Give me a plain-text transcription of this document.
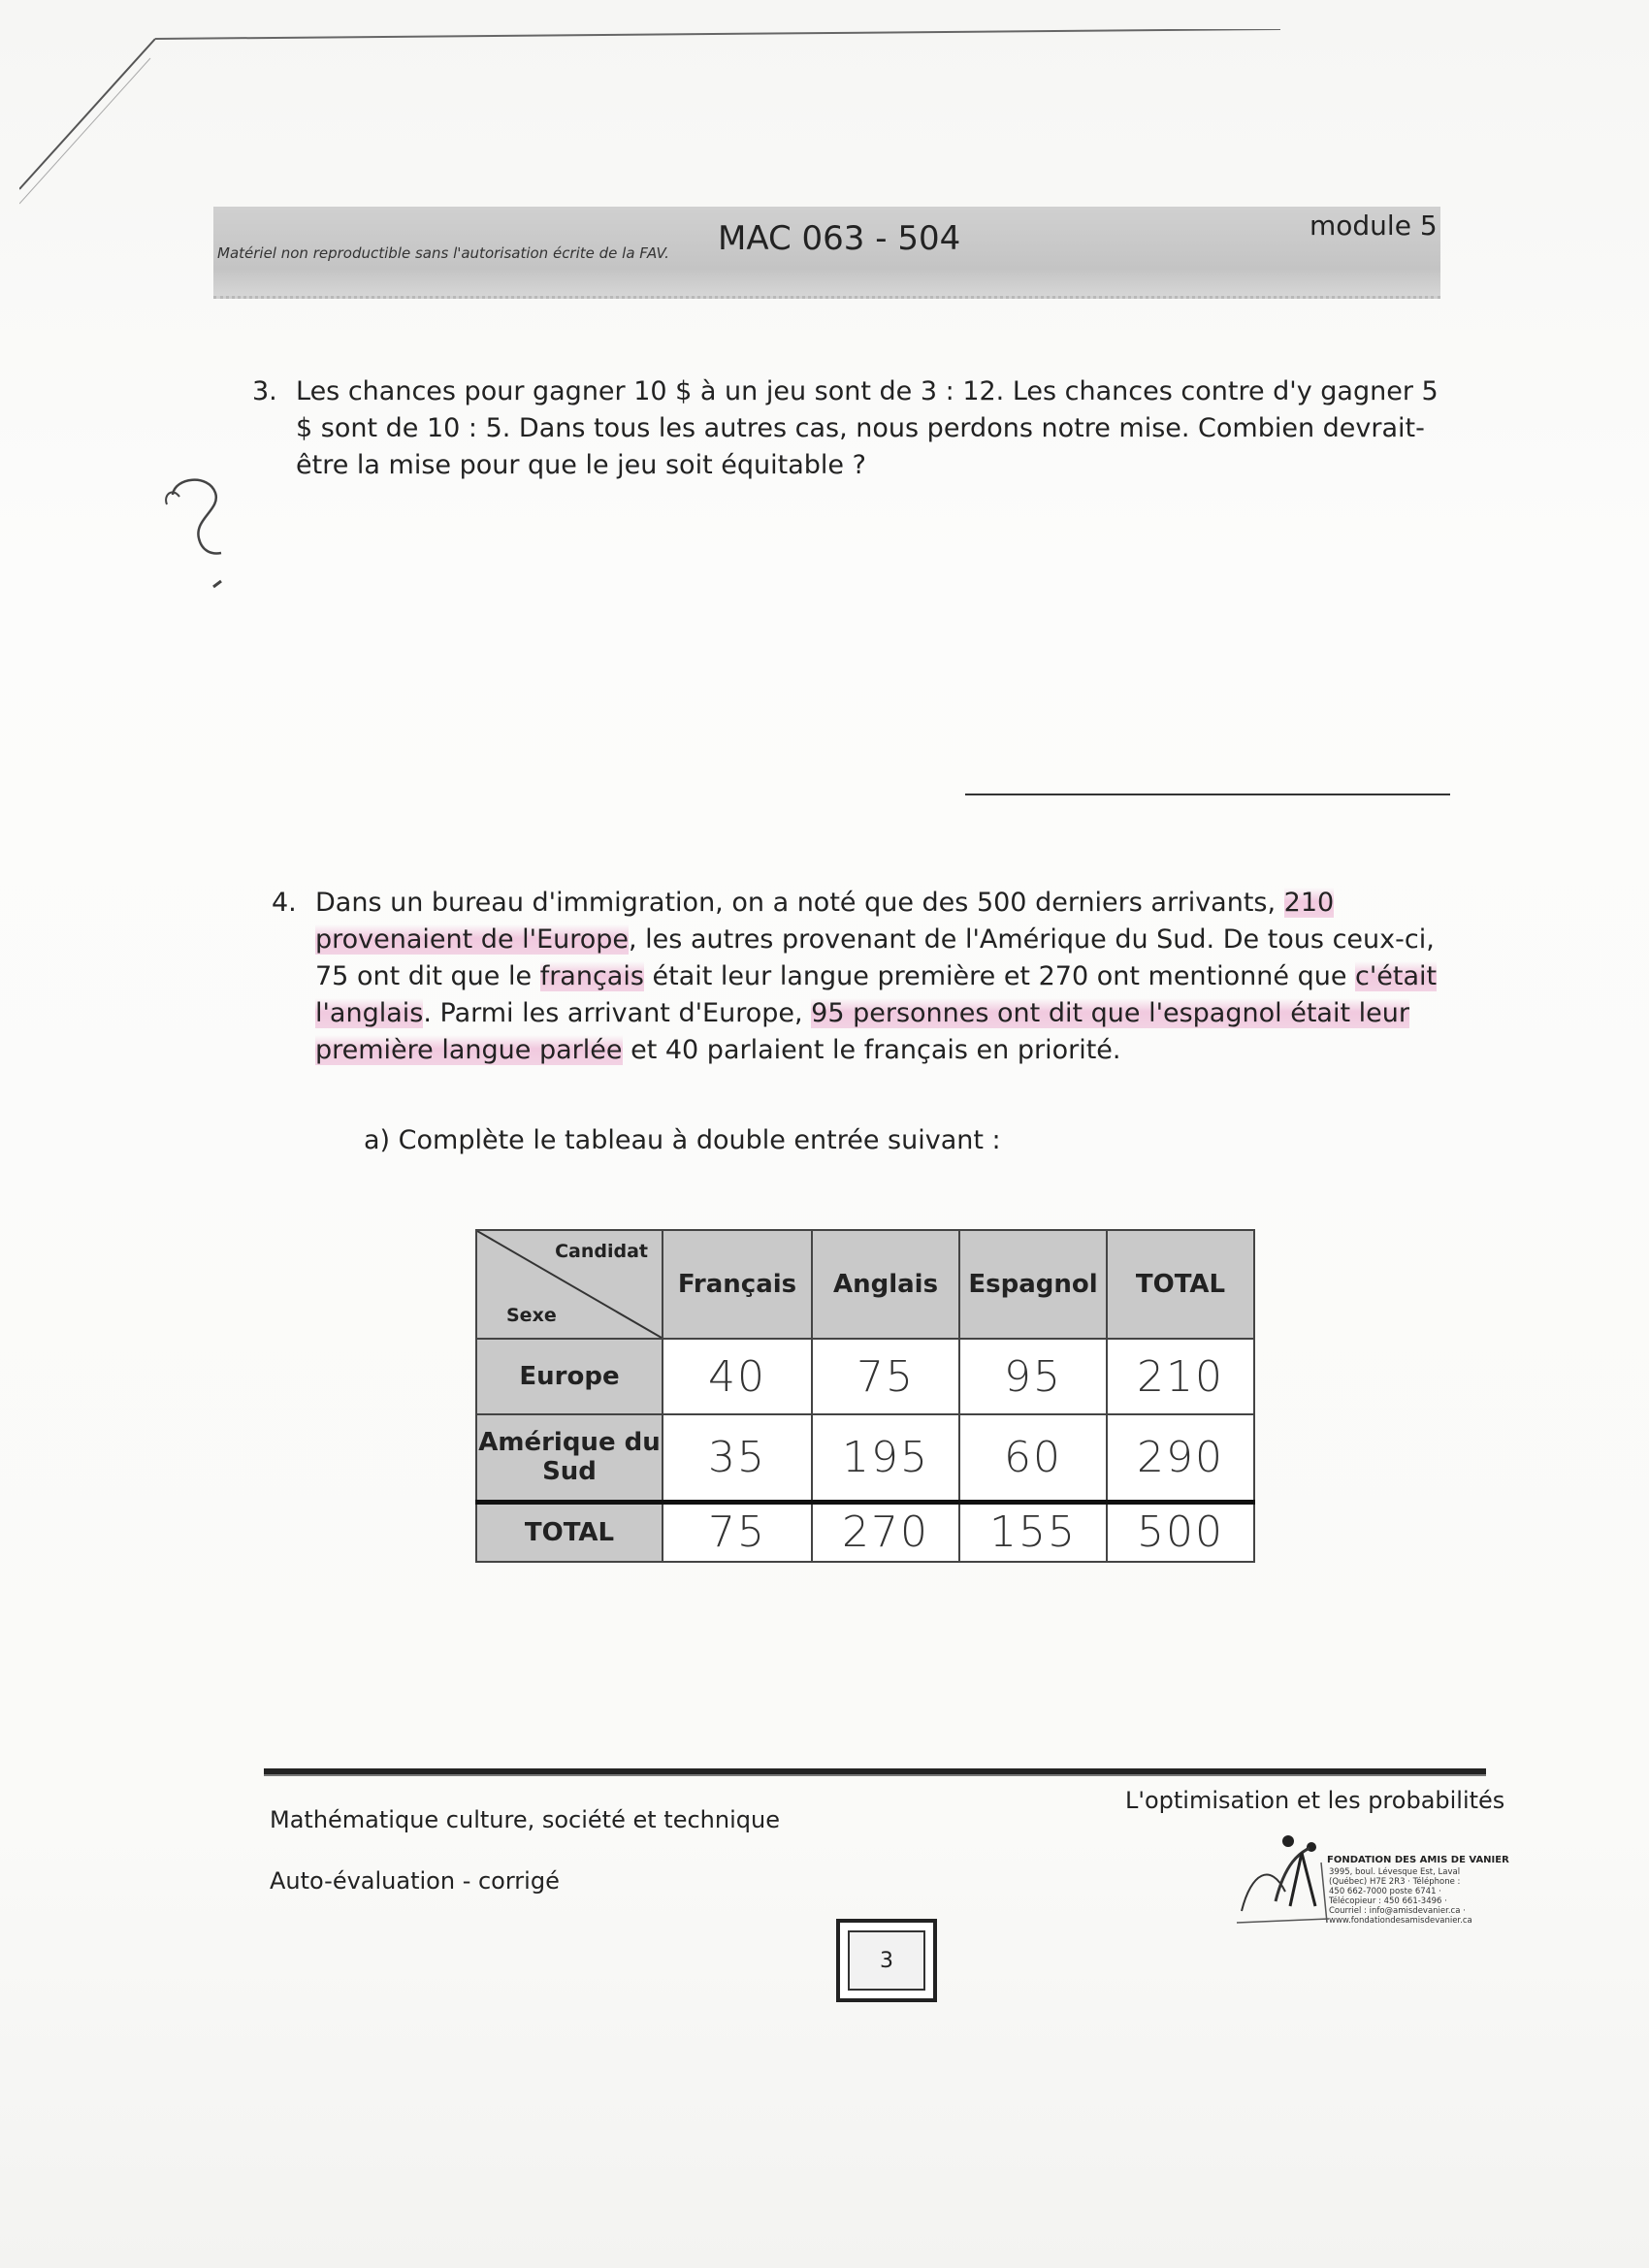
Matériel non reproductible sans l'autorisation écrite de la FAV. MAC 063 - 504	module 5
3. Les chances pour gagner 10 $ à un jeu sont de 3 : 12. Les chances contre d'y gagner 5 $ sont de 10 : 5. Dans tous les autres cas, nous perdons notre mise. Combien devrait-être la mise pour que le jeu soit équitable ?
4. Dans un bureau d'immigration, on a noté que des 500 derniers arrivants, 210 provenaient de l'Europe, les autres provenant de l'Amérique du Sud. De tous ceux-ci, 75 ont dit que le français était leur langue première et 270 ont mentionné que c'était l'anglais. Parmi les arrivant d'Europe, 95 personnes ont dit que l'espagnol était leur première langue parlée et 40 parlaient le français en priorité.
a) Complète le tableau à double entrée suivant :
Candidat
Sexe	Français	Anglais	Espagnol	TOTAL
Europe	40	75	95	210
Amérique du Sud	35	195	60	290
TOTAL	75	270	155	500
Mathématique culture, société et technique
Auto-évaluation - corrigé
L'optimisation et les probabilités
3
FONDATION DES AMIS DE VANIER
3995, boul. Lévesque Est, Laval (Québec) H7E 2R3 · Téléphone : 450 662-7000 poste 6741 · Télécopieur : 450 661-3496 · Courriel : info@amisdevanier.ca · www.fondationdesamisdevanier.ca
